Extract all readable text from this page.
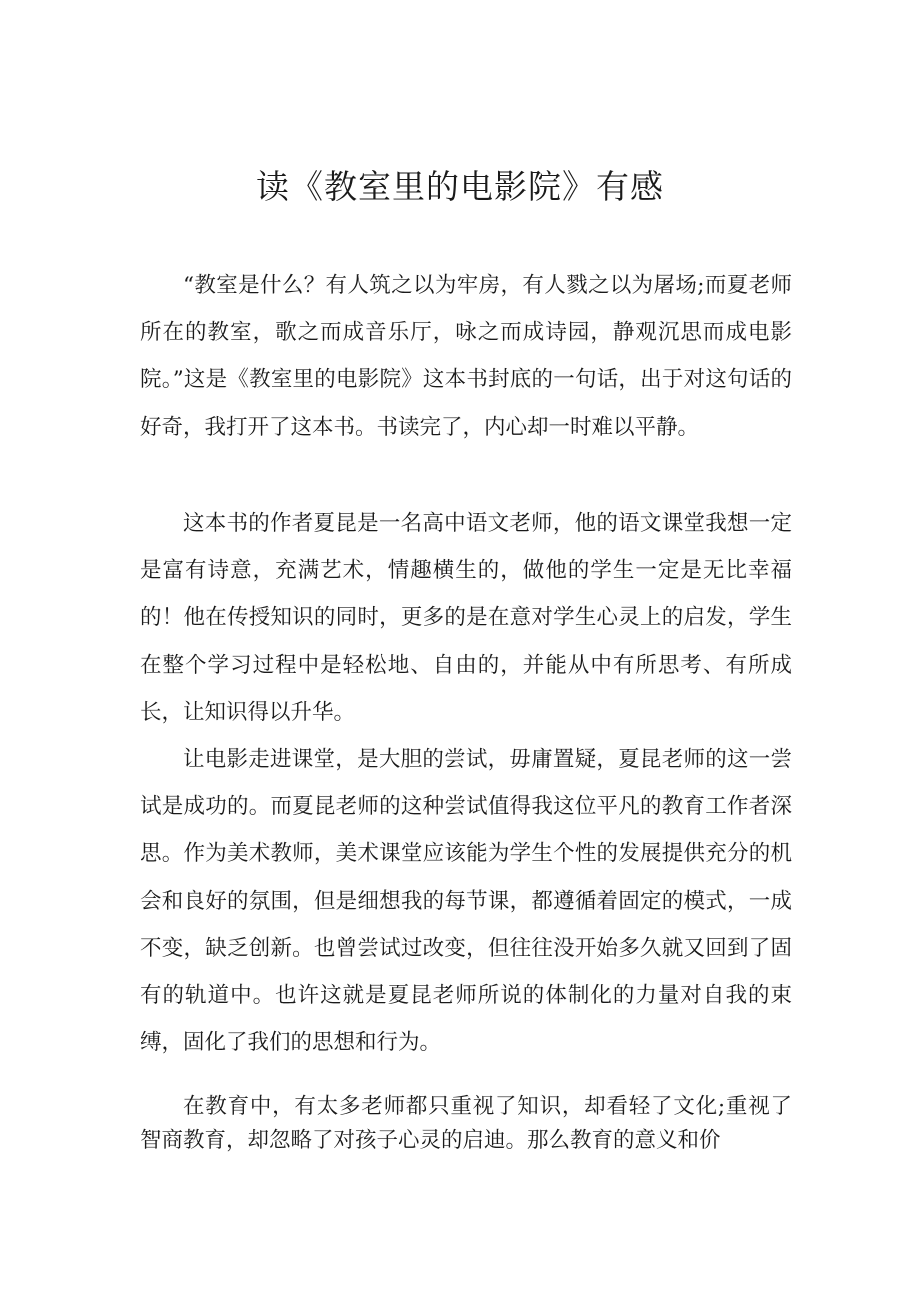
读《教室里的电影院》有感

“教室是什么？有人筑之以为牢房，有人戮之以为屠场;而夏老师所在的教室，歌之而成音乐厅，咏之而成诗园，静观沉思而成电影院。”这是《教室里的电影院》这本书封底的一句话，出于对这句话的好奇，我打开了这本书。书读完了，内心却一时难以平静。

这本书的作者夏昆是一名高中语文老师，他的语文课堂我想一定是富有诗意，充满艺术，情趣横生的，做他的学生一定是无比幸福的！他在传授知识的同时，更多的是在意对学生心灵上的启发，学生在整个学习过程中是轻松地、自由的，并能从中有所思考、有所成长，让知识得以升华。

让电影走进课堂，是大胆的尝试，毋庸置疑，夏昆老师的这一尝试是成功的。而夏昆老师的这种尝试值得我这位平凡的教育工作者深思。作为美术教师，美术课堂应该能为学生个性的发展提供充分的机会和良好的氛围，但是细想我的每节课，都遵循着固定的模式，一成不变，缺乏创新。也曾尝试过改变，但往往没开始多久就又回到了固有的轨道中。也许这就是夏昆老师所说的体制化的力量对自我的束缚，固化了我们的思想和行为。

在教育中，有太多老师都只重视了知识，却看轻了文化;重视了智商教育，却忽略了对孩子心灵的启迪。那么教育的意义和价
